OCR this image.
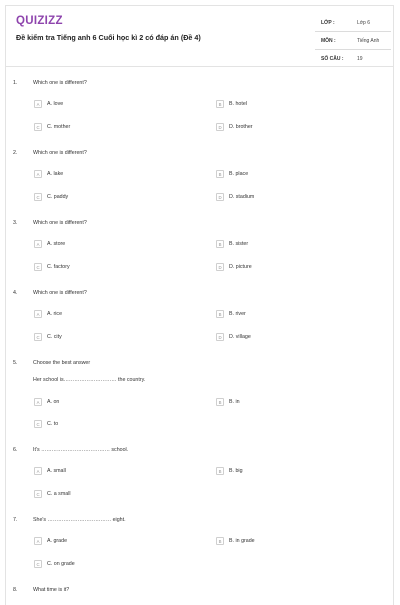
QUIZIZZ
Đề kiểm tra Tiếng anh 6 Cuối học kì 2 có đáp án (Đề 4)
LỚP :	Lớp 6
MÔN :	Tiếng Anh
SỐ CÂU :	19
1.	Which one is different?
A	A. love	B	B. hotel
C	C. mother	D	D. brother
2.	Which one is different?
A	A. lake	B	B. place
C	C. paddy	D	D. stadium
3.	Which one is different?
A	A. store	B	B. sister
C	C. factory	D	D. picture
4.	Which one is different?
A	A. rice	B	B. river
C	C. city	D	D. village
5.	Choose the best answer
Her school is………………………… the country.
A	A. on	B	B. in
C	C. to
6.	It's ………………………………… school.
A	A. small	B	B. big
C	C. a small
7.	She's ……………………………… eight.
A	A. grade	B	B. in grade
C	C. on grade
8.	What time is it?
